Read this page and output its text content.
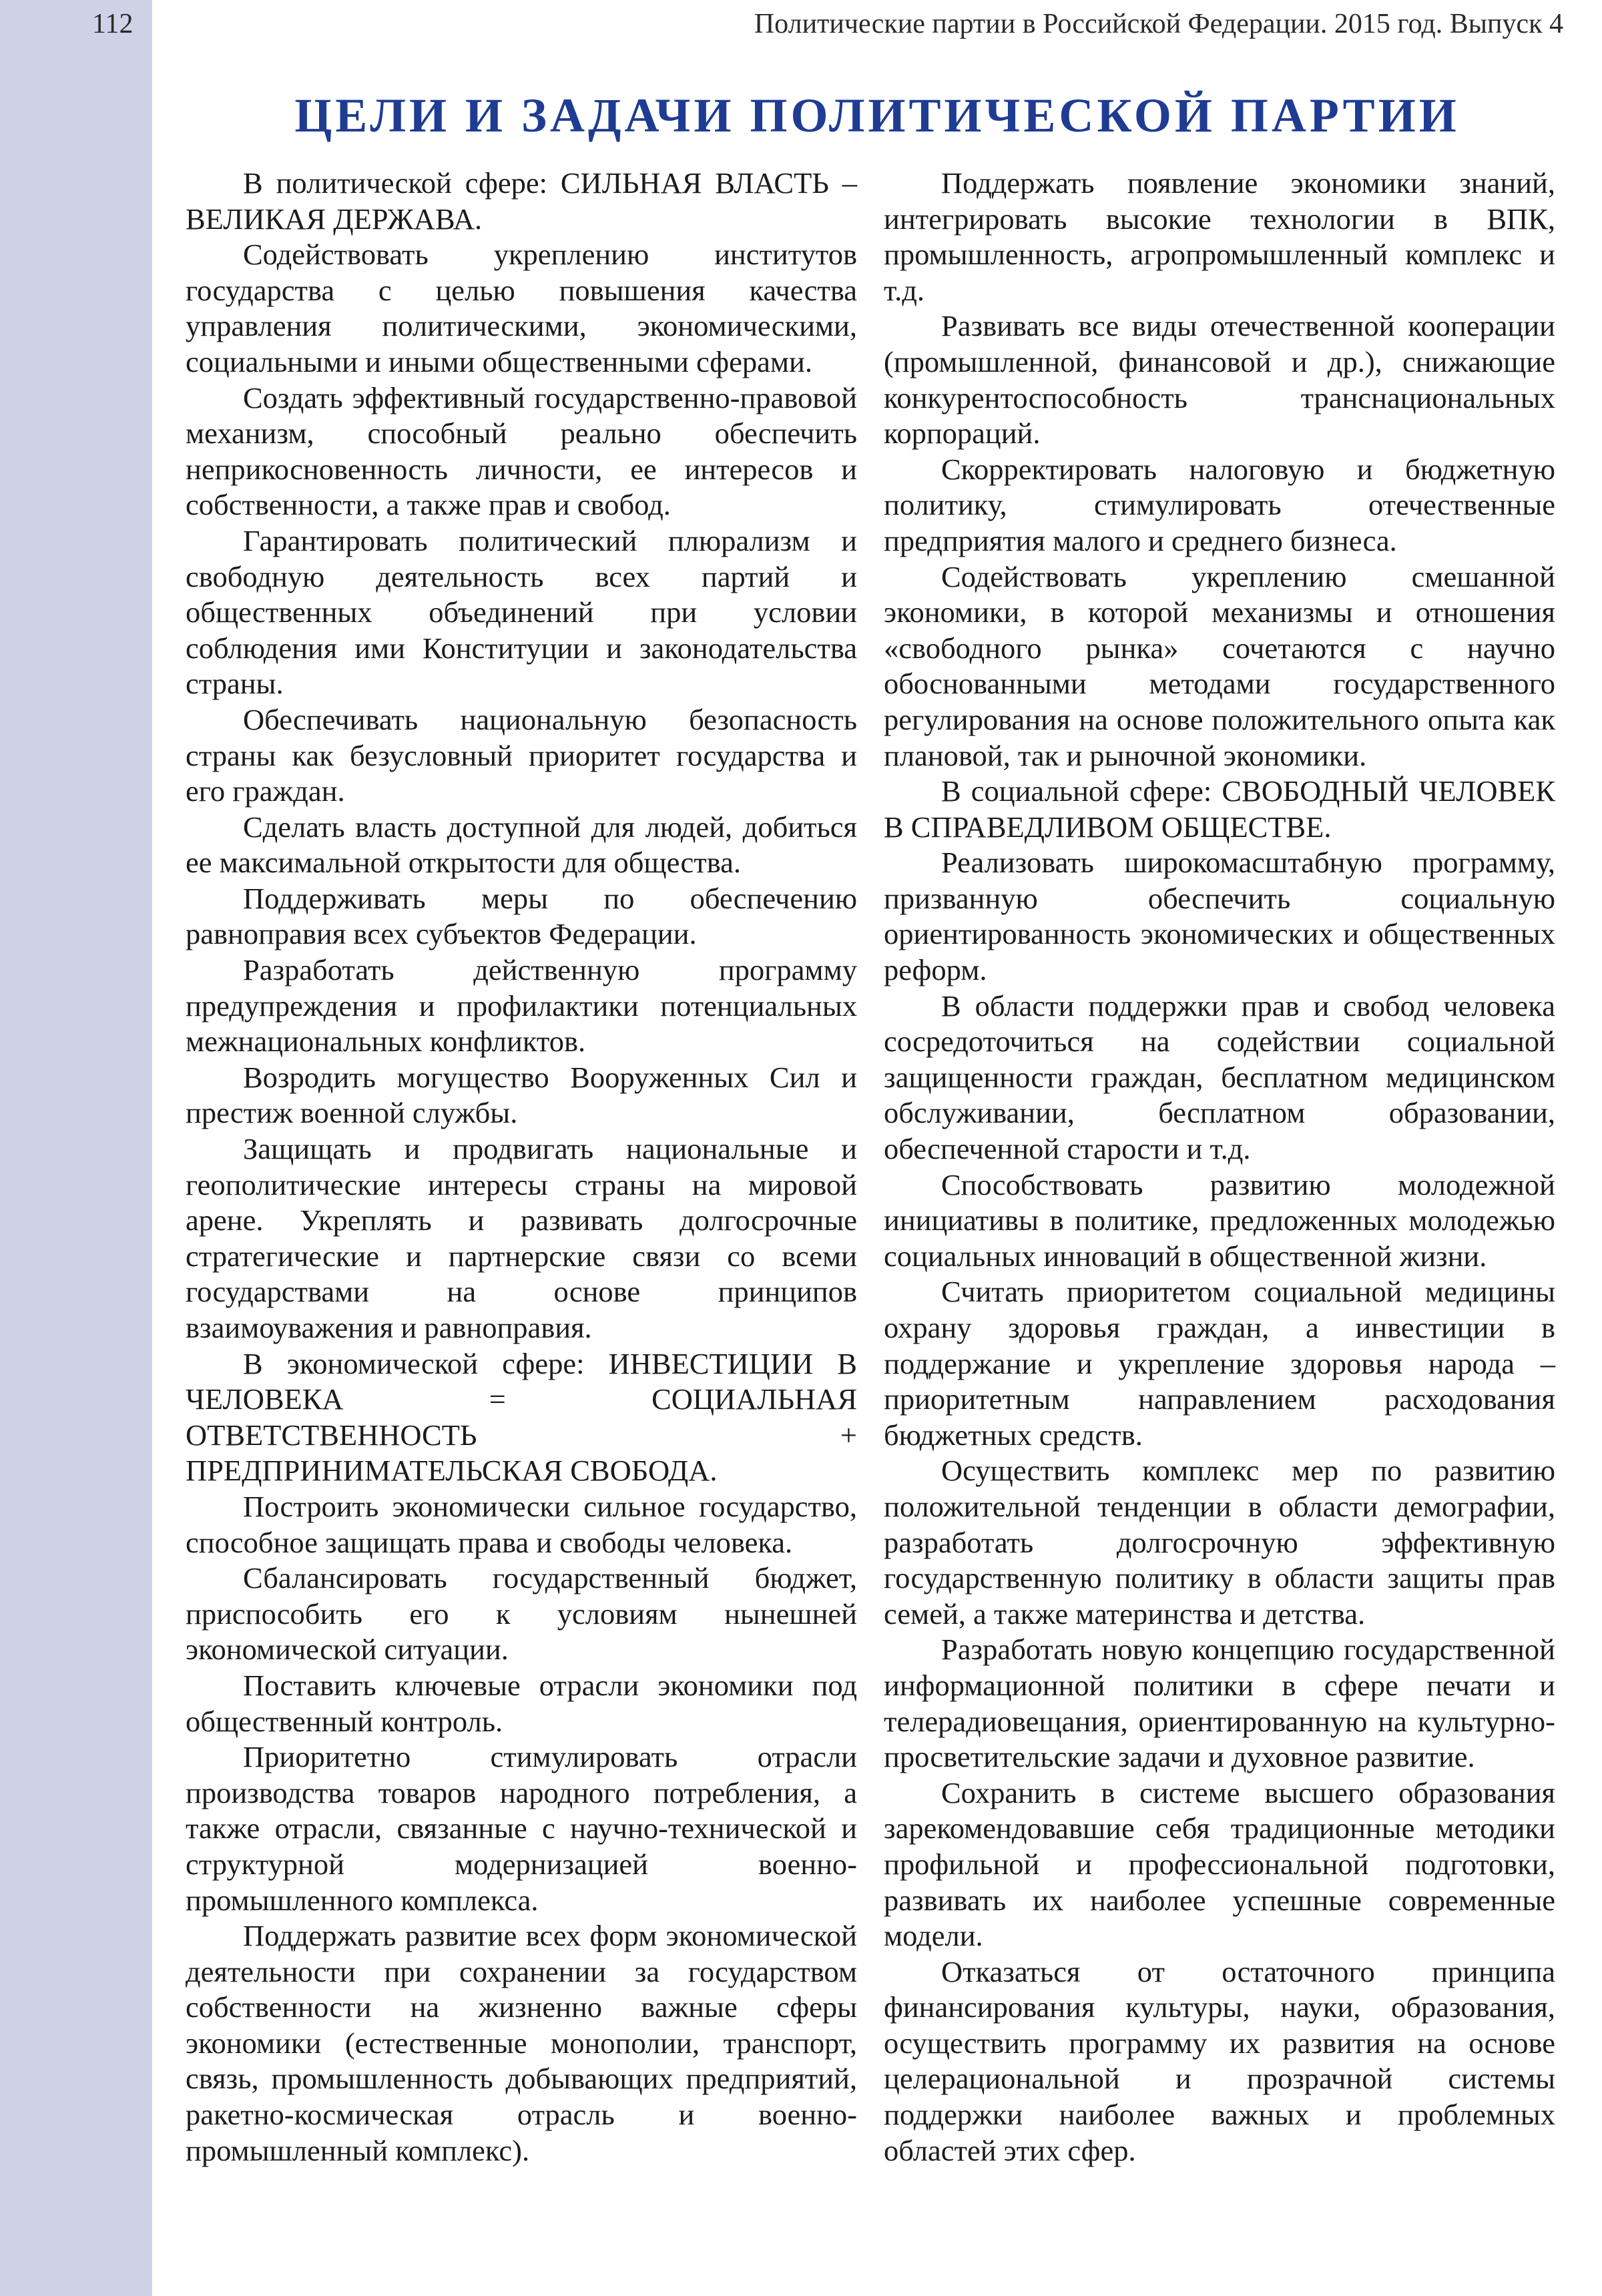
112	Политические партии в Российской Федерации. 2015 год. Выпуск 4
ЦЕЛИ И ЗАДАЧИ ПОЛИТИЧЕСКОЙ ПАРТИИ

В политической сфере: СИЛЬНАЯ ВЛАСТЬ – ВЕЛИКАЯ ДЕРЖАВА.

Содействовать укреплению институтов государства с целью повышения качества управления политическими, экономическими, социальными и иными общественными сферами.

Создать эффективный государственно-правовой механизм, способный реально обеспечить неприкосновенность личности, ее интересов и собственности, а также прав и свобод.

Гарантировать политический плюрализм и свободную деятельность всех партий и общественных объединений при условии соблюдения ими Конституции и законодательства страны.

Обеспечивать национальную безопасность страны как безусловный приоритет государства и его граждан.

Сделать власть доступной для людей, добиться ее максимальной открытости для общества.

Поддерживать меры по обеспечению равноправия всех субъектов Федерации.

Разработать действенную программу предупреждения и профилактики потенциальных межнациональных конфликтов.

Возродить могущество Вооруженных Сил и престиж военной службы.

Защищать и продвигать национальные и геополитические интересы страны на мировой арене. Укреплять и развивать долгосрочные стратегические и партнерские связи со всеми государствами на основе принципов взаимоуважения и равноправия.

В экономической сфере: ИНВЕСТИЦИИ В ЧЕЛОВЕКА = СОЦИАЛЬНАЯ ОТВЕТСТВЕННОСТЬ + ПРЕДПРИНИМАТЕЛЬСКАЯ СВОБОДА.

Построить экономически сильное государство, способное защищать права и свободы человека.

Сбалансировать государственный бюджет, приспособить его к условиям нынешней экономической ситуации.

Поставить ключевые отрасли экономики под общественный контроль.

Приоритетно стимулировать отрасли производства товаров народного потребления, а также отрасли, связанные с научно-технической и структурной модернизацией военно-промышленного комплекса.

Поддержать развитие всех форм экономической деятельности при сохранении за государством собственности на жизненно важные сферы экономики (естественные монополии, транспорт, связь, промышленность добывающих предприятий, ракетно-космическая отрасль и военно-промышленный комплекс).

Поддержать появление экономики знаний, интегрировать высокие технологии в ВПК, промышленность, агропромышленный комплекс и т.д.

Развивать все виды отечественной кооперации (промышленной, финансовой и др.), снижающие конкурентоспособность транснациональных корпораций.

Скорректировать налоговую и бюджетную политику, стимулировать отечественные предприятия малого и среднего бизнеса.

Содействовать укреплению смешанной экономики, в которой механизмы и отношения «свободного рынка» сочетаются с научно обоснованными методами государственного регулирования на основе положительного опыта как плановой, так и рыночной экономики.

В социальной сфере: СВОБОДНЫЙ ЧЕЛОВЕК В СПРАВЕДЛИВОМ ОБЩЕСТВЕ.

Реализовать широкомасштабную программу, призванную обеспечить социальную ориентированность экономических и общественных реформ.

В области поддержки прав и свобод человека сосредоточиться на содействии социальной защищенности граждан, бесплатном медицинском обслуживании, бесплатном образовании, обеспеченной старости и т.д.

Способствовать развитию молодежной инициативы в политике, предложенных молодежью социальных инноваций в общественной жизни.

Считать приоритетом социальной медицины охрану здоровья граждан, а инвестиции в поддержание и укрепление здоровья народа – приоритетным направлением расходования бюджетных средств.

Осуществить комплекс мер по развитию положительной тенденции в области демографии, разработать долгосрочную эффективную государственную политику в области защиты прав семей, а также материнства и детства.

Разработать новую концепцию государственной информационной политики в сфере печати и телерадиовещания, ориентированную на культурно-просветительские задачи и духовное развитие.

Сохранить в системе высшего образования зарекомендовавшие себя традиционные методики профильной и профессиональной подготовки, развивать их наиболее успешные современные модели.

Отказаться от остаточного принципа финансирования культуры, науки, образования, осуществить программу их развития на основе целерациональной и прозрачной системы поддержки наиболее важных и проблемных областей этих сфер.
